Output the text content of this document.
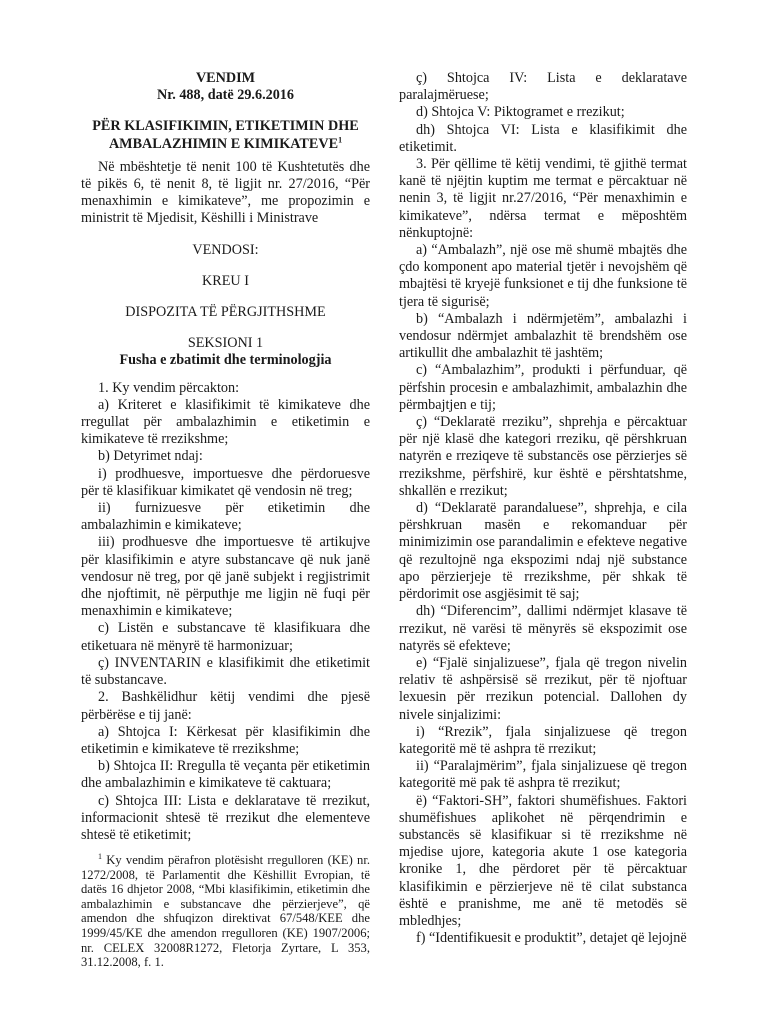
VENDIM

Nr. 488, datë 29.6.2016

PËR KLASIFIKIMIN, ETIKETIMIN DHE AMBALAZHIMIN E KIMIKATEVE$^1$

Në mbështetje të nenit 100 të Kushtetutës dhe të pikës 6, të nenit 8, të ligjit nr. 27/2016, “Për menaxhimin e kimikateve”, me propozimin e ministrit të Mjedisit, Këshilli i Ministrave

VENDOSI:

KREU I

DISPOZITA TË PËRGJITHSHME

SEKSIONI 1

Fusha e zbatimit dhe terminologjia

1. Ky vendim përcakton:

a) Kriteret e klasifikimit të kimikateve dhe rregullat për ambalazhimin e etiketimin e kimikateve të rrezikshme;

b) Detyrimet ndaj:

i) prodhuesve, importuesve dhe përdoruesve për të klasifikuar kimikatet që vendosin në treg;

ii) furnizuesve për etiketimin dhe ambalazhimin e kimikateve;

iii) prodhuesve dhe importuesve të artikujve për klasifikimin e atyre substancave që nuk janë vendosur në treg, por që janë subjekt i regjistrimit dhe njoftimit, në përputhje me ligjin në fuqi për menaxhimin e kimikateve;

c) Listën e substancave të klasifikuara dhe etiketuara në mënyrë të harmonizuar;

ç) INVENTARIN e klasifikimit dhe etiketimit të substancave.

2. Bashkëlidhur këtij vendimi dhe pjesë përbërëse e tij janë:

a) Shtojca I: Kërkesat për klasifikimin dhe etiketimin e kimikateve të rrezikshme;

b) Shtojca II: Rregulla të veçanta për etiketimin dhe ambalazhimin e kimikateve të caktuara;

c) Shtojca III: Lista e deklaratave të rrezikut, informacionit shtesë të rrezikut dhe elementeve shtesë të etiketimit;

$^1$ Ky vendim përafron plotësisht rregulloren (KE) nr. 1272/2008, të Parlamentit dhe Këshillit Evropian, të datës 16 dhjetor 2008, “Mbi klasifikimin, etiketimin dhe ambalazhimin e substancave dhe përzierjeve”, që amendon dhe shfuqizon direktivat 67/548/KEE dhe 1999/45/KE dhe amendon rregulloren (KE) 1907/2006; nr. CELEX 32008R1272, Fletorja Zyrtare, L 353, 31.12.2008, f. 1.

ç) Shtojca IV: Lista e deklaratave paralajmëruese;

d) Shtojca V: Piktogramet e rrezikut;

dh) Shtojca VI: Lista e klasifikimit dhe etiketimit.

3. Për qëllime të këtij vendimi, të gjithë termat kanë të njëjtin kuptim me termat e përcaktuar në nenin 3, të ligjit nr.27/2016, “Për menaxhimin e kimikateve”, ndërsa termat e mëposhtëm nënkuptojnë:

a) “Ambalazh”, një ose më shumë mbajtës dhe çdo komponent apo material tjetër i nevojshëm që mbajtësi të kryejë funksionet e tij dhe funksione të tjera të sigurisë;

b) “Ambalazh i ndërmjetëm”, ambalazhi i vendosur ndërmjet ambalazhit të brendshëm ose artikullit dhe ambalazhit të jashtëm;

c) “Ambalazhim”, produkti i përfunduar, që përfshin procesin e ambalazhimit, ambalazhin dhe përmbajtjen e tij;

ç) “Deklaratë rreziku”, shprehja e përcaktuar për një klasë dhe kategori rreziku, që përshkruan natyrën e rreziqeve të substancës ose përzierjes së rrezikshme, përfshirë, kur është e përshtatshme, shkallën e rrezikut;

d) “Deklaratë parandaluese”, shprehja, e cila përshkruan masën e rekomanduar për minimizimin ose parandalimin e efekteve negative që rezultojnë nga ekspozimi ndaj një substance apo përzierjeje të rrezikshme, për shkak të përdorimit ose asgjësimit të saj;

dh) “Diferencim”, dallimi ndërmjet klasave të rrezikut, në varësi të mënyrës së ekspozimit ose natyrës së efekteve;

e) “Fjalë sinjalizuese”, fjala që tregon nivelin relativ të ashpërsisë së rrezikut, për të njoftuar lexuesin për rrezikun potencial. Dallohen dy nivele sinjalizimi:

i) “Rrezik”, fjala sinjalizuese që tregon kategoritë më të ashpra të rrezikut;

ii) “Paralajmërim”, fjala sinjalizuese që tregon kategoritë më pak të ashpra të rrezikut;

ë) “Faktori-SH”, faktori shumëfishues. Faktori shumëfishues aplikohet në përqendrimin e substancës së klasifikuar si të rrezikshme në mjedise ujore, kategoria akute 1 ose kategoria kronike 1, dhe përdoret për të përcaktuar klasifikimin e përzierjeve në të cilat substanca është e pranishme, me anë të metodës së mbledhjes;

f) “Identifikuesit e produktit”, detajet që lejojnë
